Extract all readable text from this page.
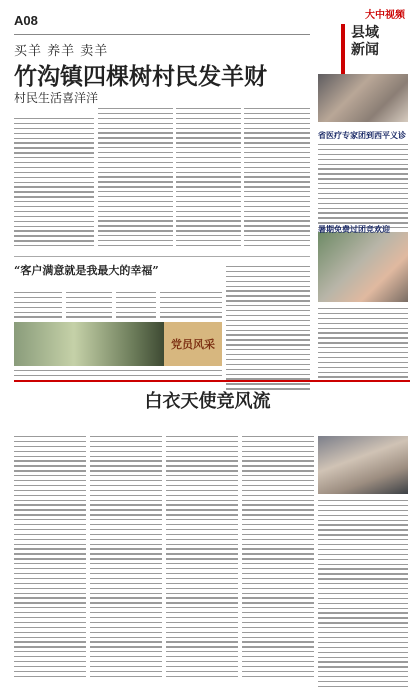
A08	大中视频
县域
新闻
买羊 养羊 卖羊
竹沟镇四棵树村民发羊财
村民生活喜洋洋
省医疗专家团到西平义诊
暑期免费过团竞欢迎
“客户满意就是我最大的幸福”
党员风采
白衣天使竞风流
